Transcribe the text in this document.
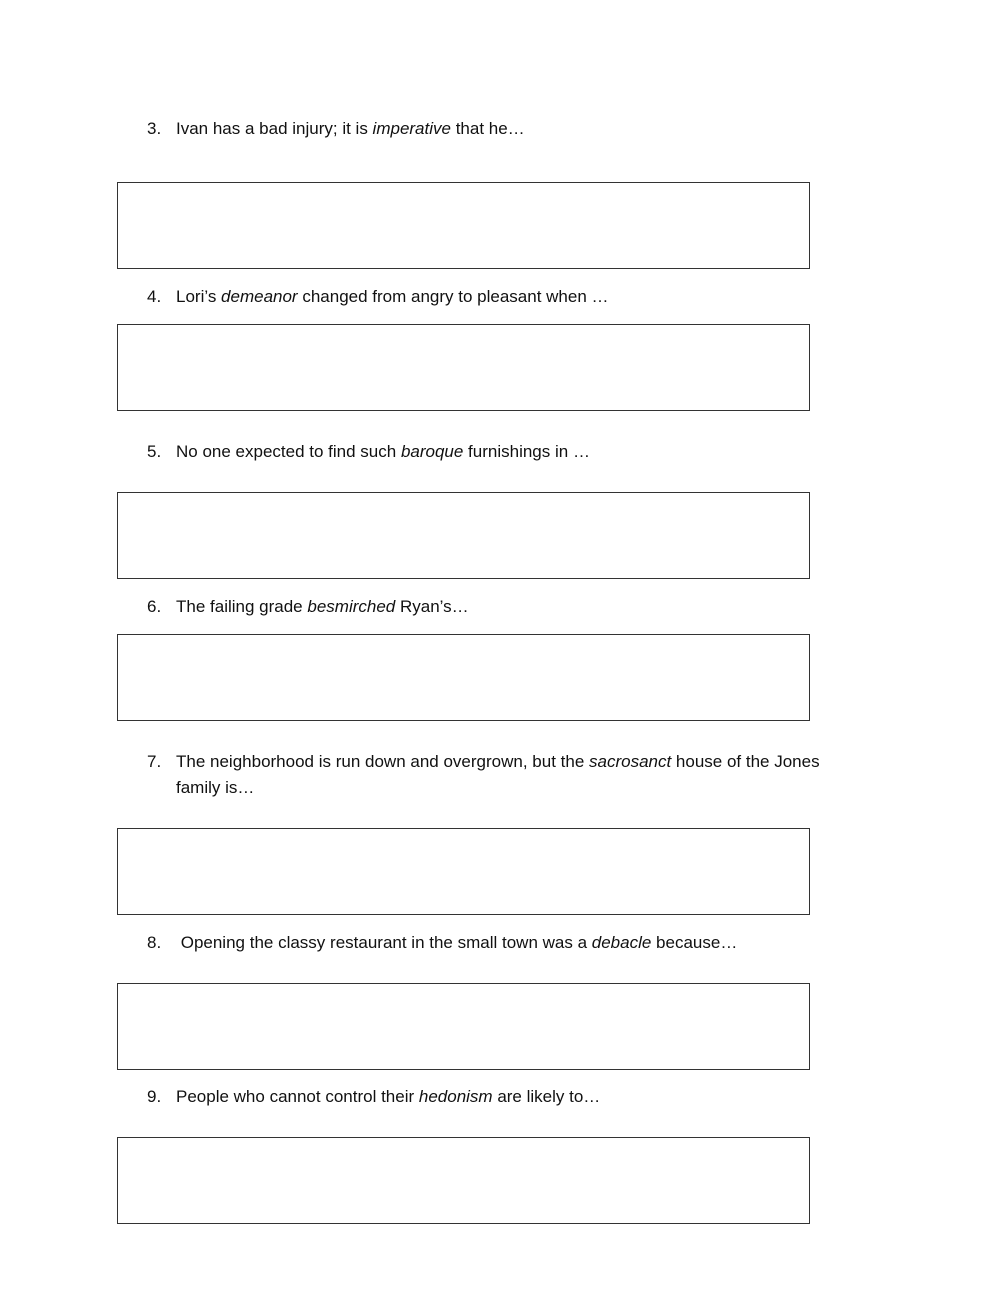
3. Ivan has a bad injury; it is imperative that he…
4. Lori’s demeanor changed from angry to pleasant when …
5. No one expected to find such baroque furnishings in …
6. The failing grade besmirched Ryan’s…
7. The neighborhood is run down and overgrown, but the sacrosanct house of the Jones
family is…
8. Opening the classy restaurant in the small town was a debacle because…
9. People who cannot control their hedonism are likely to…
